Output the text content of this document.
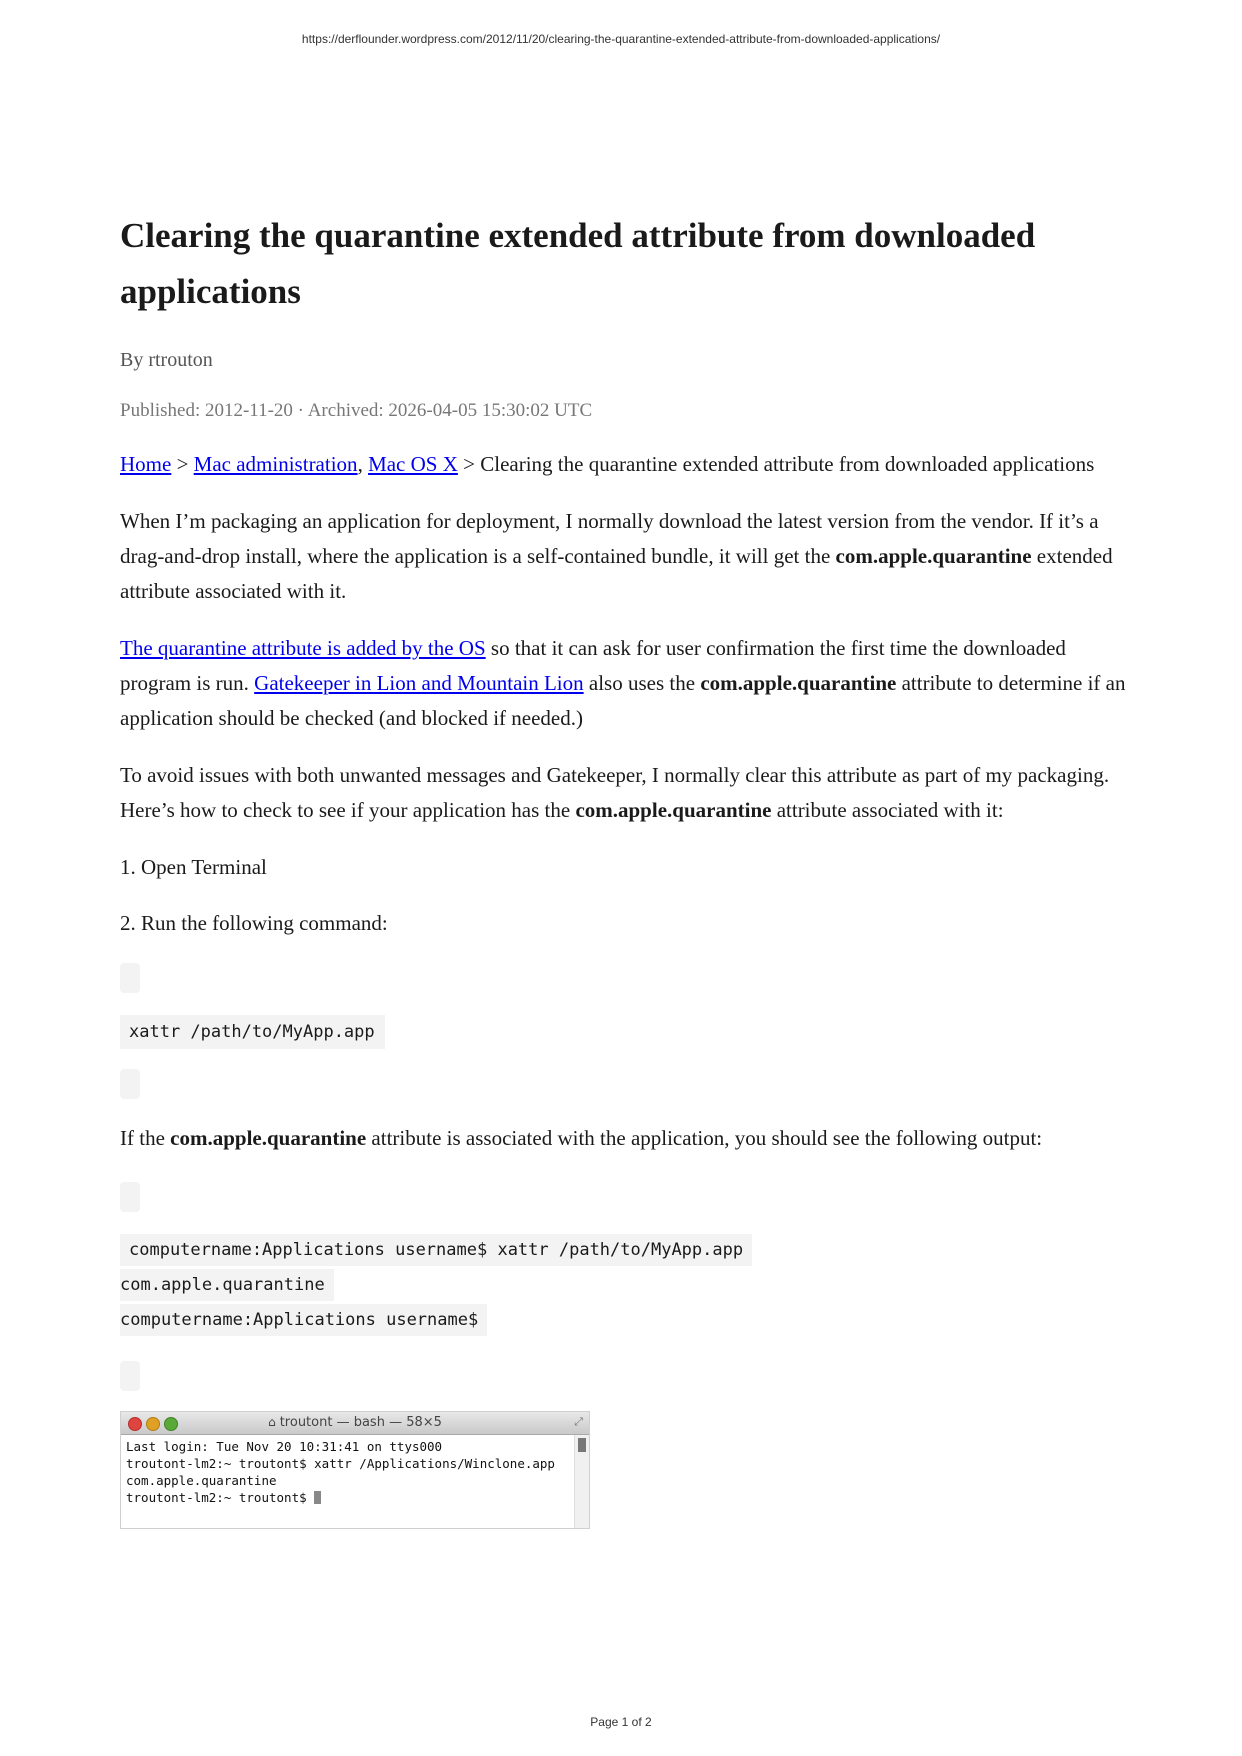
https://derflounder.wordpress.com/2012/11/20/clearing-the-quarantine-extended-attribute-from-downloaded-applications/
Clearing the quarantine extended attribute from downloaded applications
By rtrouton
Published: 2012-11-20 · Archived: 2026-04-05 15:30:02 UTC

Home > Mac administration, Mac OS X > Clearing the quarantine extended attribute from downloaded applications

When I’m packaging an application for deployment, I normally download the latest version from the vendor. If it’s a drag-and-drop install, where the application is a self-contained bundle, it will get the com.apple.quarantine extended attribute associated with it.

The quarantine attribute is added by the OS so that it can ask for user confirmation the first time the downloaded program is run. Gatekeeper in Lion and Mountain Lion also uses the com.apple.quarantine attribute to determine if an application should be checked (and blocked if needed.)

To avoid issues with both unwanted messages and Gatekeeper, I normally clear this attribute as part of my packaging. Here’s how to check to see if your application has the com.apple.quarantine attribute associated with it:

1. Open Terminal

2. Run the following command:

xattr /path/to/MyApp.app

If the com.apple.quarantine attribute is associated with the application, you should see the following output:

computername:Applications username$ xattr /path/to/MyApp.app
com.apple.quarantine
computername:Applications username$
⌂ troutont — bash — 58×5	⤢
Last login: Tue Nov 20 10:31:41 on ttys000
troutont-lm2:~ troutont$ xattr /Applications/Winclone.app
com.apple.quarantine
troutont-lm2:~ troutont$
Page 1 of 2
